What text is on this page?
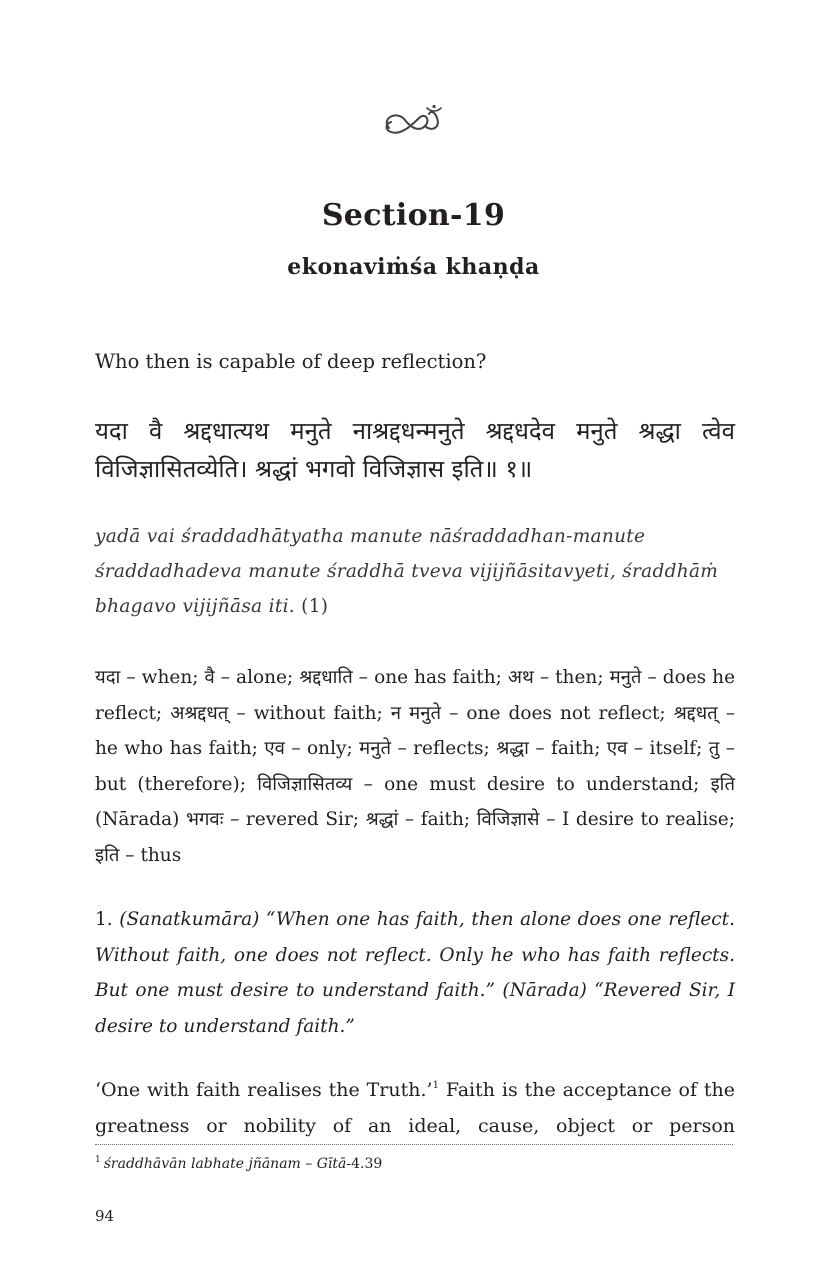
Section-19
ekonaviṁśa khaṇḍa

Who then is capable of deep reflection?

यदा वै श्रद्दधात्यथ मनुते नाश्रद्दधन्मनुते श्रद्दधदेव मनुते श्रद्धा त्वेव विजिज्ञासितव्येति। श्रद्धां भगवो विजिज्ञास इति॥ १॥

yadā vai śraddadhātyatha manute nāśraddadhan-manute
śraddadhadeva manute śraddhā tveva vijijñāsitavyeti, śraddhāṁ
bhagavo vijijñāsa iti. (1)

यदा – when; वै – alone; श्रद्दधाति – one has faith; अथ – then; मनुते – does he reflect; अश्रद्दधत् – without faith; न मनुते – one does not reflect; श्रद्दधत् – he who has faith; एव – only; मनुते – reflects; श्रद्धा – faith; एव – itself; तु – but (therefore); विजिज्ञासितव्य – one must desire to understand; इति (Nārada) भगवः – revered Sir; श्रद्धां – faith; विजिज्ञासे – I desire to realise; इति – thus

1. (Sanatkumāra) “When one has faith, then alone does one reflect. Without faith, one does not reflect. Only he who has faith reflects. But one must desire to understand faith.” (Nārada) “Revered Sir, I desire to understand faith.”

‘One with faith realises the Truth.’$^1$ Faith is the acceptance of the greatness or nobility of an ideal, cause, object or person

$^1$ śraddhāvān labhate jñānam – Gītā-4.39

94
